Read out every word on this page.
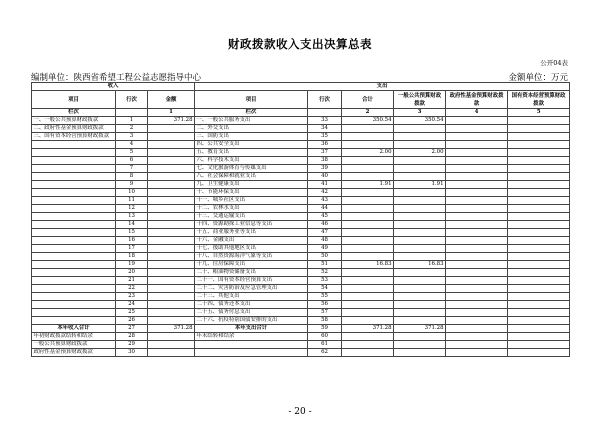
财政拨款收入支出决算总表
公开04表
编制单位：陕西省希望工程公益志愿指导中心	金额单位：万元
收入			支出					
项目	行次	金额	项目	行次	合计	一般公共预算财政拨款	政府性基金预算财政拨款	国有资本经营预算财政拨款
栏次		1	栏次		2	3	4	5
一、一般公共预算财政拨款	1	371.28	一、一般公共服务支出	33	350.54	350.54		
二、政府性基金预算财政拨款	2		二、外交支出	34				
三、国有资本经营预算财政拨款	3		三、国防支出	35				
	4		四、公共安全支出	36				
	5		五、教育支出	37	2.00	2.00		
	6		六、科学技术支出	38				
	7		七、文化旅游体育与传媒支出	39				
	8		八、社会保障和就业支出	40				
	9		九、卫生健康支出	41	1.91	1.91		
	10		十、节能环保支出	42				
	11		十一、城乡社区支出	43				
	12		十二、农林水支出	44				
	13		十三、交通运输支出	45				
	14		十四、资源勘探工业信息等支出	46				
	15		十五、商业服务业等支出	47				
	16		十六、金融支出	48				
	17		十七、援助其他地区支出	49				
	18		十八、自然资源海洋气象等支出	50				
	19		十九、住房保障支出	51	16.83	16.83		
	20		二十、粮油物资储备支出	52				
	21		二十一、国有资本经营预算支出	53				
	22		二十二、灾害防治及应急管理支出	54				
	23		二十三、其他支出	55				
	24		二十四、债务还本支出	56				
	25		二十五、债务付息支出	57				
	26		二十六、抗疫特别国债安排的支出	58				
本年收入合计	27	371.28	本年支出合计	59	371.28	371.28		
年初财政拨款结转和结余	28		年末结转和结余	60				
一般公共预算财政拨款	29			61				
政府性基金预算财政拨款	30			62				
- 20 -
